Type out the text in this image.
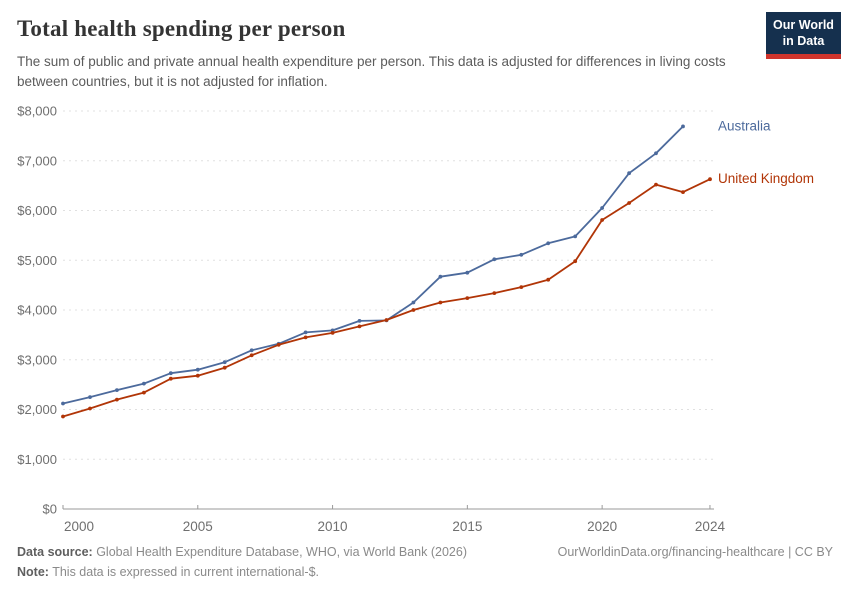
Total health spending per person	Our World
in Data
The sum of public and private annual health expenditure per person. This data is adjusted for differences in living costs between countries, but it is not adjusted for inflation.
$0
$1,000
$2,000
$3,000
$4,000
$5,000
$6,000
$7,000
$8,000
2000	2005	2010	2015	2020	2024
Australia
United Kingdom
Data source: Global Health Expenditure Database, WHO, via World Bank (2026)	OurWorldinData.org/financing-healthcare | CC BY
Note: This data is expressed in current international-$.
